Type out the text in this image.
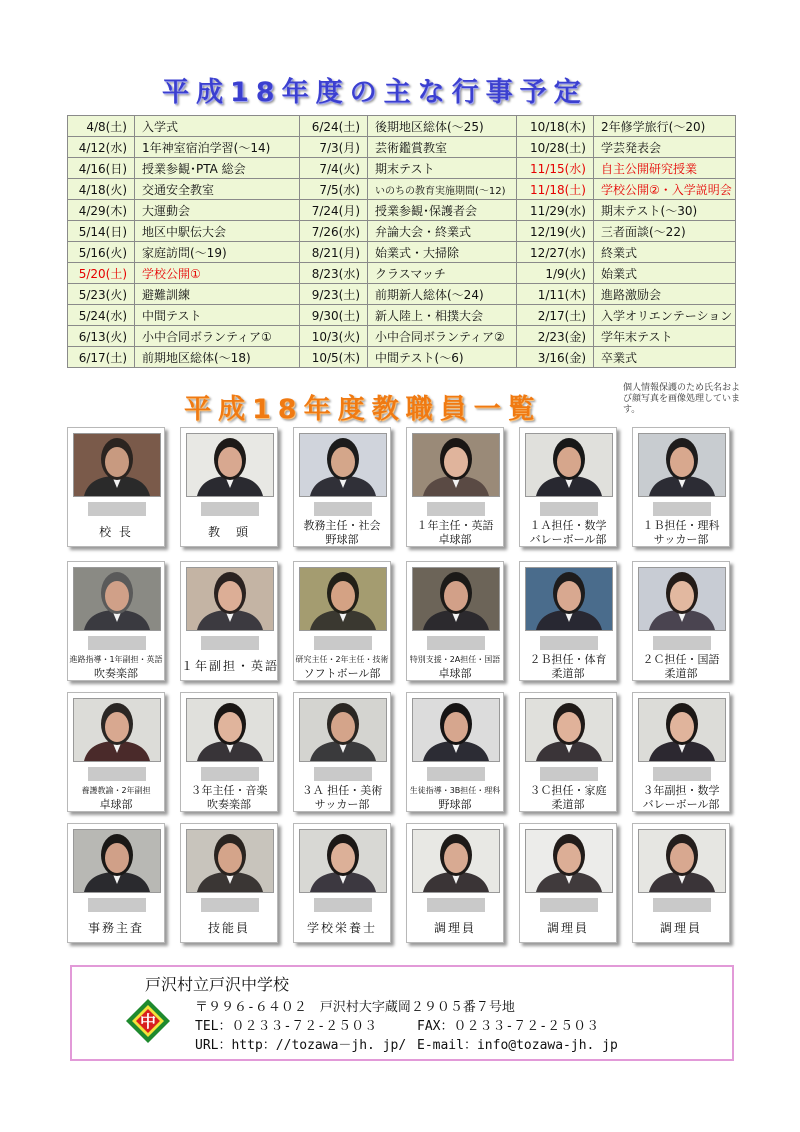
平成18年度の主な行事予定
4/8(土)	入学式	6/24(土)	後期地区総体(〜25)	10/18(木)	2年修学旅行(〜20)
4/12(水)	1年神室宿泊学習(〜14)	7/3(月)	芸術鑑賞教室	10/28(土)	学芸発表会
4/16(日)	授業参観･PTA 総会	7/4(火)	期末テスト	11/15(水)	自主公開研究授業
4/18(火)	交通安全教室	7/5(水)	いのちの教育実施期間(〜12)	11/18(土)	学校公開②・入学説明会
4/29(木)	大運動会	7/24(月)	授業参観･保護者会	11/29(水)	期末テスト(〜30)
5/14(日)	地区中駅伝大会	7/26(水)	弁論大会・終業式	12/19(火)	三者面談(〜22)
5/16(火)	家庭訪問(〜19)	8/21(月)	始業式・大掃除	12/27(水)	終業式
5/20(土)	学校公開①	8/23(水)	クラスマッチ	1/9(火)	始業式
5/23(火)	避難訓練	9/23(土)	前期新人総体(〜24)	1/11(木)	進路激励会
5/24(水)	中間テスト	9/30(土)	新人陸上・相撲大会	2/17(土)	入学オリエンテーション
6/13(火)	小中合同ボランティア①	10/3(火)	小中合同ボランティア②	2/23(金)	学年末テスト
6/17(土)	前期地区総体(〜18)	10/5(木)	中間テスト(〜6)	3/16(金)	卒業式
平成18年度教職員一覧
個人情報保護のため氏名および顔写真を画像処理しています。
校 長	教　頭	教務主任・社会
野球部
１年主任・英語
卓球部
１Ａ担任・数学
バレーボール部
１Ｂ担任・理科
サッカー部
進路指導・1年副担・英語
吹奏楽部
１年副担・英語 研究主任・2年主任・技術
ソフトボール部
特別支援・2A担任・国語
卓球部
２Ｂ担任・体育
柔道部
２Ｃ担任・国語
柔道部
養護教諭・2年副担
卓球部
３年主任・音楽
吹奏楽部
３Ａ 担任・美術
サッカー部
生徒指導・3B担任・理科
野球部
３Ｃ担任・家庭
柔道部
３年副担・数学
バレーボール部
事務主査	技能員	学校栄養士	調理員	調理員	調理員
戸沢村立戸沢中学校
中
〒９９６-６４０２　戸沢村大字蔵岡２９０５番７号地
TEL：０２３３-７２-２５０３	FAX：０２３３-７２-２５０３
URL：http：//tozawa－jh. jp/ E-mail：info@tozawa-jh. jp
